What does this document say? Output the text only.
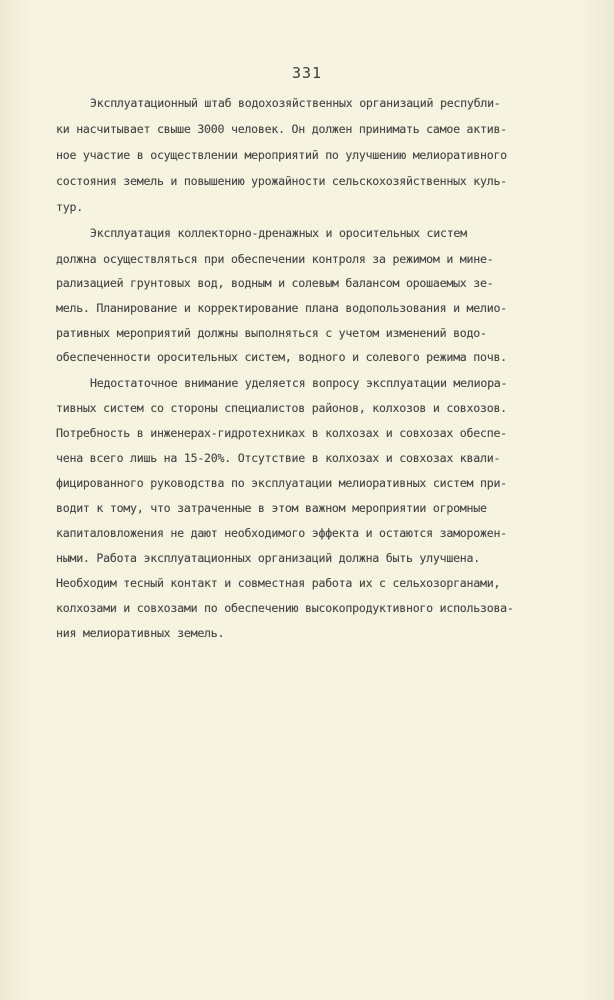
331
Эксплуатационный штаб водохозяйственных организаций республи-
ки насчитывает свыше 3000 человек. Он должен принимать самое актив-
ное участие в осуществлении мероприятий по улучшению мелиоративного
состояния земель и повышению урожайности сельскохозяйственных куль-
тур.
Эксплуатация коллекторно-дренажных и оросительных систем
должна осуществляться при обеспечении контроля за режимом и мине-
рализацией грунтовых вод, водным и солевым балансом орошаемых зе-
мель. Планирование и корректирование плана водопользования и мелио-
ративных мероприятий должны выполняться с учетом изменений водо-
обеспеченности оросительных систем, водного и солевого режима почв.
Недостаточное внимание уделяется вопросу эксплуатации мелиора-
тивных систем со стороны специалистов районов, колхозов и совхозов.
Потребность в инженерах-гидротехниках в колхозах и совхозах обеспе-
чена всего лишь на 15-20%. Отсутствие в колхозах и совхозах квали-
фицированного руководства по эксплуатации мелиоративных систем при-
водит к тому, что затраченные в этом важном мероприятии огромные
капиталовложения не дают необходимого эффекта и остаются заморожен-
ными. Работа эксплуатационных организаций должна быть улучшена.
Необходим тесный контакт и совместная работа их с сельхозорганами,
колхозами и совхозами по обеспечению высокопродуктивного использова-
ния мелиоративных земель.
